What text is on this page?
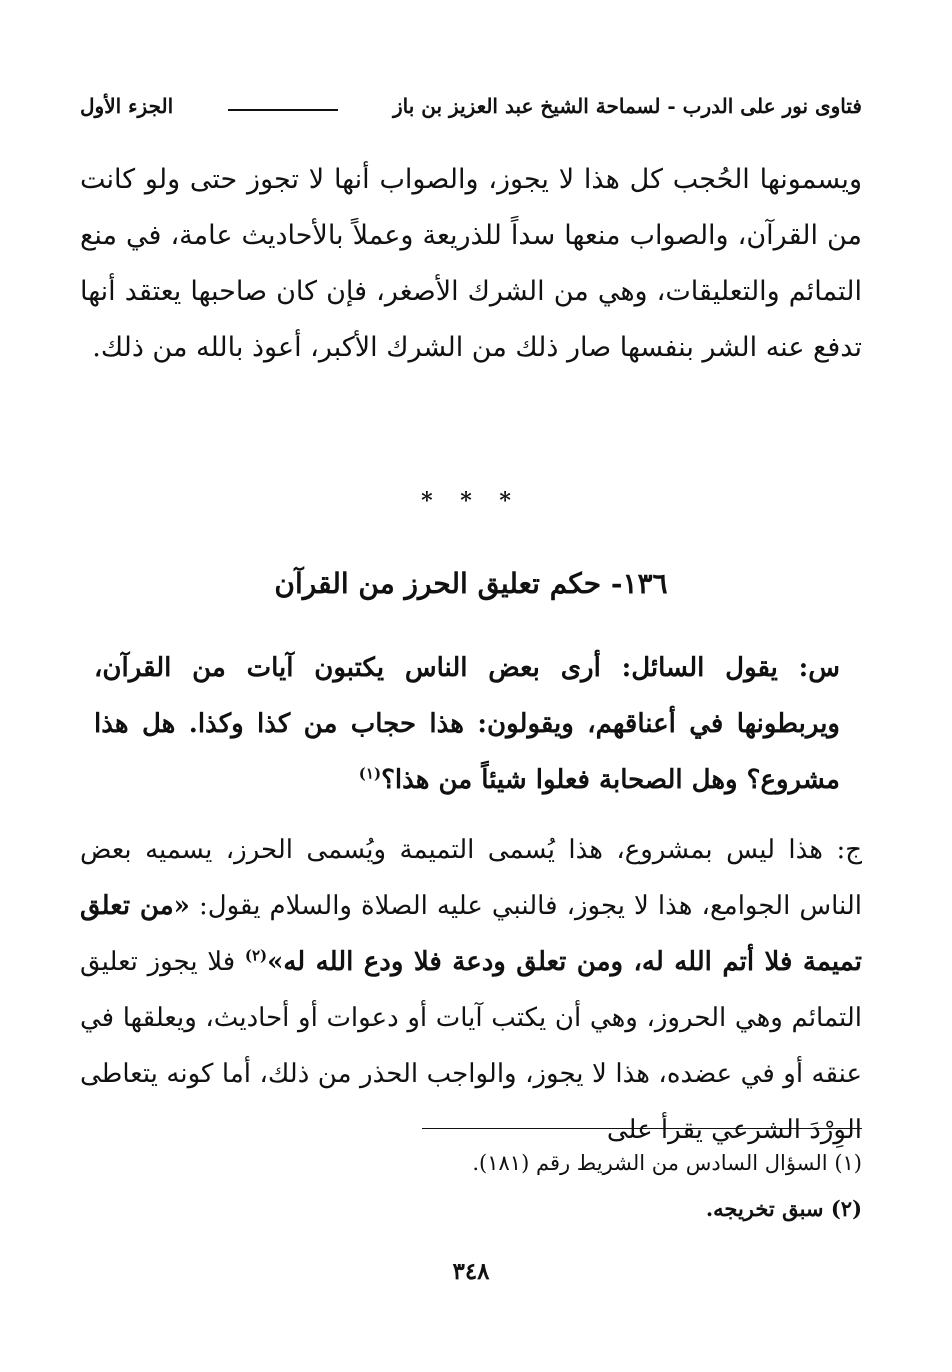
فتاوى نور على الدرب - لسماحة الشيخ عبد العزيز بن باز
الجزء الأول

ويسمونها الحُجب كل هذا لا يجوز، والصواب أنها لا تجوز حتى ولو كانت من القرآن، والصواب منعها سداً للذريعة وعملاً بالأحاديث عامة، في منع التمائم والتعليقات، وهي من الشرك الأصغر، فإن كان صاحبها يعتقد أنها تدفع عنه الشر بنفسها صار ذلك من الشرك الأكبر، أعوذ بالله من ذلك.

* * *
١٣٦- حكم تعليق الحرز من القرآن

س: يقول السائل: أرى بعض الناس يكتبون آيات من القرآن، ويربطونها في أعناقهم، ويقولون: هذا حجاب من كذا وكذا. هل هذا مشروع؟ وهل الصحابة فعلوا شيئاً من هذا؟$^{(١)}$

ج: هذا ليس بمشروع، هذا يُسمى التميمة ويُسمى الحرز، يسميه بعض الناس الجوامع، هذا لا يجوز، فالنبي عليه الصلاة والسلام يقول: «من تعلق تميمة فلا أتم الله له، ومن تعلق ودعة فلا ودع الله له»$^{(٢)}$ فلا يجوز تعليق التمائم وهي الحروز، وهي أن يكتب آيات أو دعوات أو أحاديث، ويعلقها في عنقه أو في عضده، هذا لا يجوز، والواجب الحذر من ذلك، أما كونه يتعاطى الوِرْدَ الشرعي يقرأ على

(١) السؤال السادس من الشريط رقم (١٨١).
(٢) سبق تخريجه.
٣٤٨
